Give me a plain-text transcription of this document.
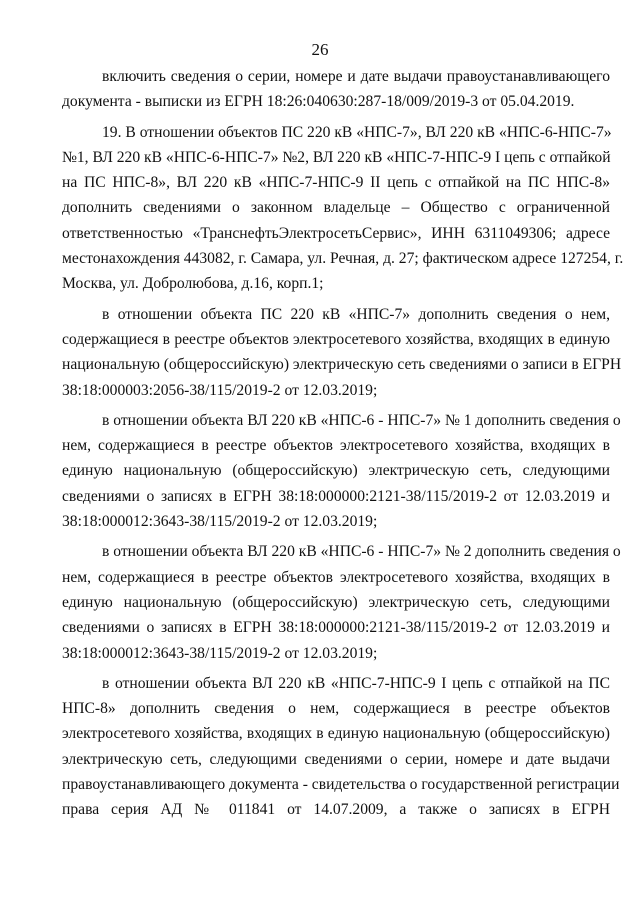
26
включить сведения о серии, номере и дате выдачи правоустанавливающего
документа - выписки из ЕГРН 18:26:040630:287-18/009/2019-3 от 05.04.2019.
19. В отношении объектов ПС 220 кВ «НПС-7», ВЛ 220 кВ «НПС-6-НПС-7»
№1, ВЛ 220 кВ «НПС-6-НПС-7» №2, ВЛ 220 кВ «НПС-7-НПС-9 I цепь с отпайкой
на ПС НПС-8», ВЛ 220 кВ «НПС-7-НПС-9 II цепь с отпайкой на ПС НПС-8»
дополнить сведениями о законном владельце – Общество с ограниченной
ответственностью «ТранснефтьЭлектросетьСервис», ИНН 6311049306; адресе
местонахождения 443082, г. Самара, ул. Речная, д. 27; фактическом адресе 127254, г.
Москва, ул. Добролюбова, д.16, корп.1;
в отношении объекта ПС 220 кВ «НПС-7» дополнить сведения о нем,
содержащиеся в реестре объектов электросетевого хозяйства, входящих в единую
национальную (общероссийскую) электрическую сеть сведениями о записи в ЕГРН
38:18:000003:2056-38/115/2019-2 от 12.03.2019;
в отношении объекта ВЛ 220 кВ «НПС-6 - НПС-7» № 1 дополнить сведения о
нем, содержащиеся в реестре объектов электросетевого хозяйства, входящих в
единую национальную (общероссийскую) электрическую сеть, следующими
сведениями о записях в ЕГРН 38:18:000000:2121-38/115/2019-2 от 12.03.2019 и
38:18:000012:3643-38/115/2019-2 от 12.03.2019;
в отношении объекта ВЛ 220 кВ «НПС-6 - НПС-7» № 2 дополнить сведения о
нем, содержащиеся в реестре объектов электросетевого хозяйства, входящих в
единую национальную (общероссийскую) электрическую сеть, следующими
сведениями о записях в ЕГРН 38:18:000000:2121-38/115/2019-2 от 12.03.2019 и
38:18:000012:3643-38/115/2019-2 от 12.03.2019;
в отношении объекта ВЛ 220 кВ «НПС-7-НПС-9 I цепь с отпайкой на ПС
НПС-8» дополнить сведения о нем, содержащиеся в реестре объектов
электросетевого хозяйства, входящих в единую национальную (общероссийскую)
электрическую сеть, следующими сведениями о серии, номере и дате выдачи
правоустанавливающего документа - свидетельства о государственной регистрации
права серия АД № 011841 от 14.07.2009, а также о записях в ЕГРН
